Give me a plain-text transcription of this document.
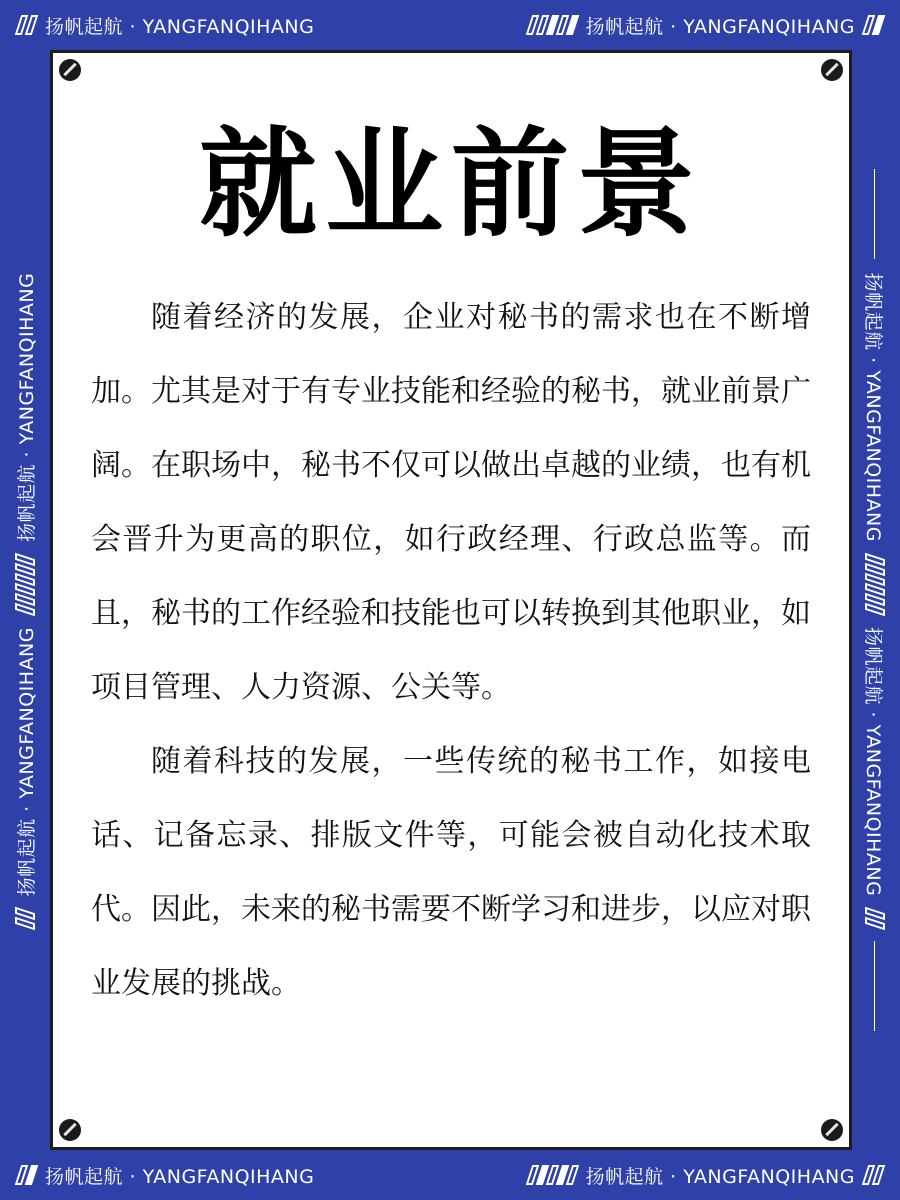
扬帆起航 · YANGFANQIHANG	扬帆起航 · YANGFANQIHANG
扬帆起航 · YANGFANQIHANG
扬帆起航 · YANGFANQIHANG	扬帆起航 · YANGFANQIHANG
扬帆起航 · YANGFANQIHANG
扬帆起航 · YANGFANQIHANG	扬帆起航 · YANGFANQIHANG
就业前景

随着经济的发展，企业对秘书的需求也在不断增加。尤其是对于有专业技能和经验的秘书，就业前景广阔。在职场中，秘书不仅可以做出卓越的业绩，也有机会晋升为更高的职位，如行政经理、行政总监等。而且，秘书的工作经验和技能也可以转换到其他职业，如项目管理、人力资源、公关等。

随着科技的发展，一些传统的秘书工作，如接电话、记备忘录、排版文件等，可能会被自动化技术取代。因此，未来的秘书需要不断学习和进步，以应对职业发展的挑战。
